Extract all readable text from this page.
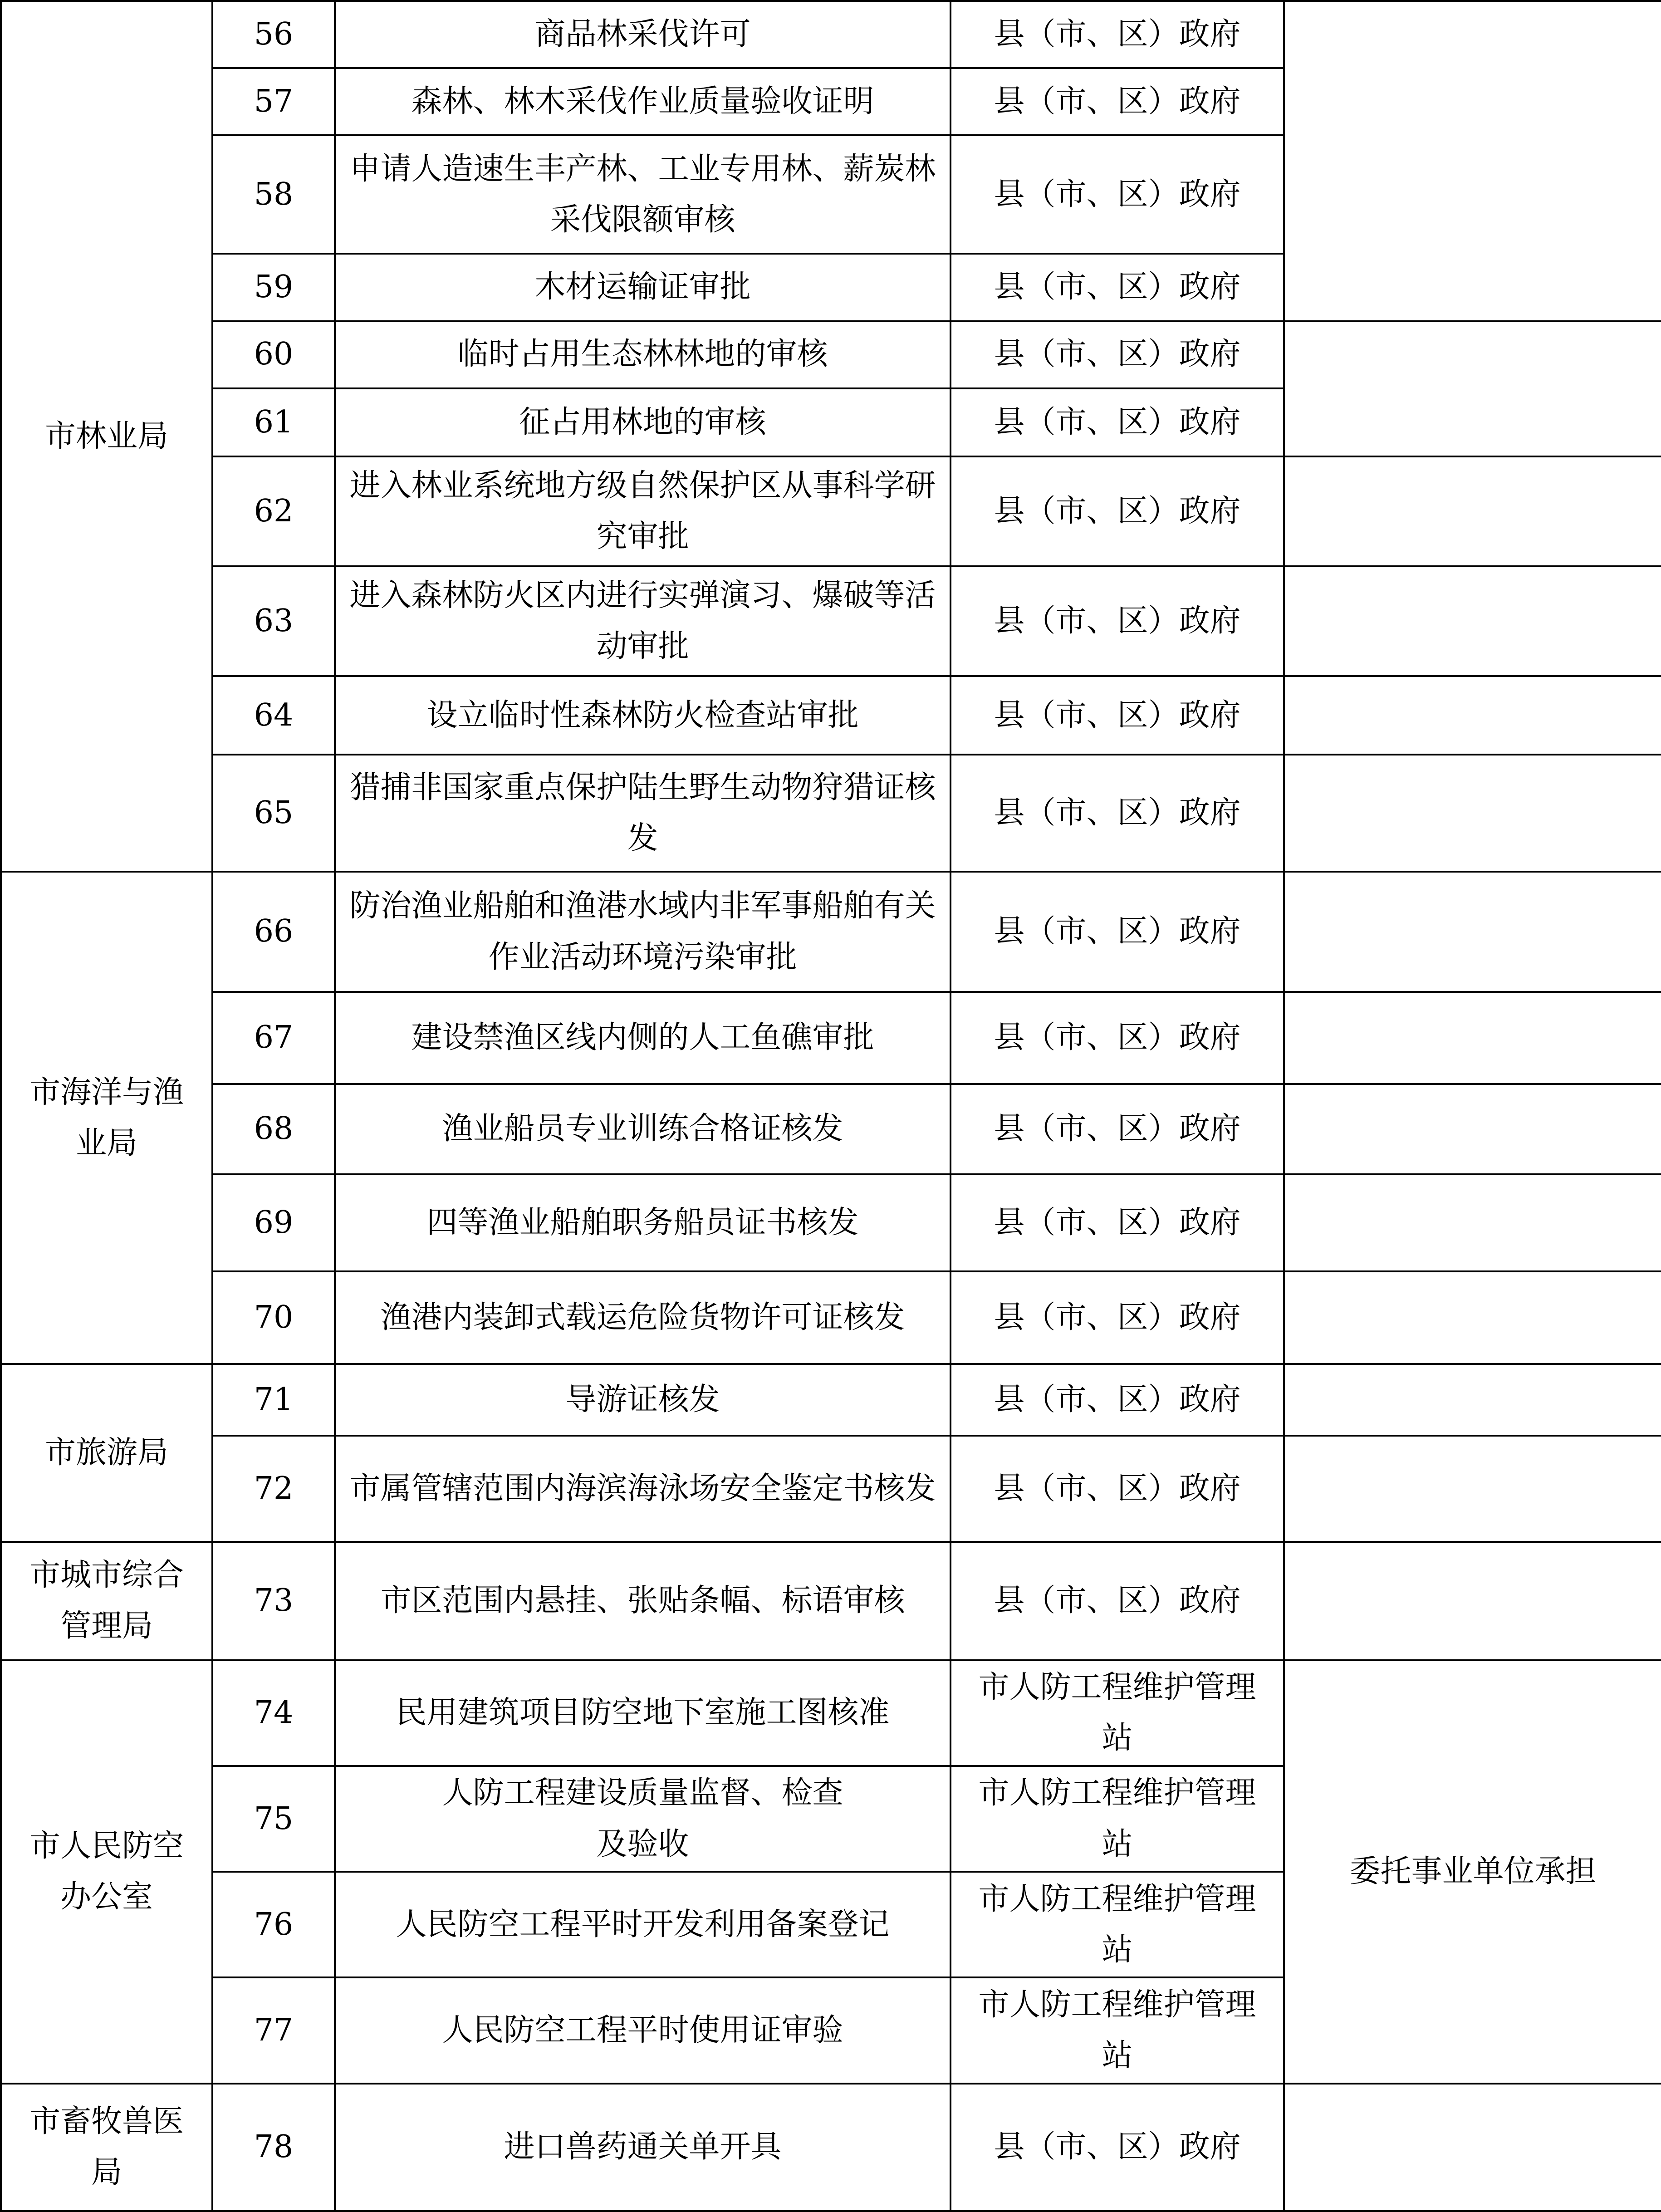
市林业局	56	商品林采伐许可	县（市、区）政府	
	57	森林、林木采伐作业质量验收证明	县（市、区）政府	
	58	申请人造速生丰产林、工业专用林、薪炭林采伐限额审核	县（市、区）政府	
	59	木材运输证审批	县（市、区）政府	
	60	临时占用生态林林地的审核	县（市、区）政府	
	61	征占用林地的审核	县（市、区）政府	
	62	进入林业系统地方级自然保护区从事科学研究审批	县（市、区）政府	
	63	进入森林防火区内进行实弹演习、爆破等活动审批	县（市、区）政府	
	64	设立临时性森林防火检查站审批	县（市、区）政府	
	65	猎捕非国家重点保护陆生野生动物狩猎证核发	县（市、区）政府	
市海洋与渔业局	66	防治渔业船舶和渔港水域内非军事船舶有关作业活动环境污染审批	县（市、区）政府	
	67	建设禁渔区线内侧的人工鱼礁审批	县（市、区）政府	
	68	渔业船员专业训练合格证核发	县（市、区）政府	
	69	四等渔业船舶职务船员证书核发	县（市、区）政府	
	70	渔港内装卸式载运危险货物许可证核发	县（市、区）政府	
市旅游局	71	导游证核发	县（市、区）政府	
	72	市属管辖范围内海滨海泳场安全鉴定书核发	县（市、区）政府	
市城市综合管理局	73	市区范围内悬挂、张贴条幅、标语审核	县（市、区）政府	
市人民防空办公室	74	民用建筑项目防空地下室施工图核准	市人防工程维护管理站	委托事业单位承担
	75	人防工程建设质量监督、检查及验收	市人防工程维护管理站	
	76	人民防空工程平时开发利用备案登记	市人防工程维护管理站	
	77	人民防空工程平时使用证审验	市人防工程维护管理站	
市畜牧兽医局	78	进口兽药通关单开具	县（市、区）政府	
